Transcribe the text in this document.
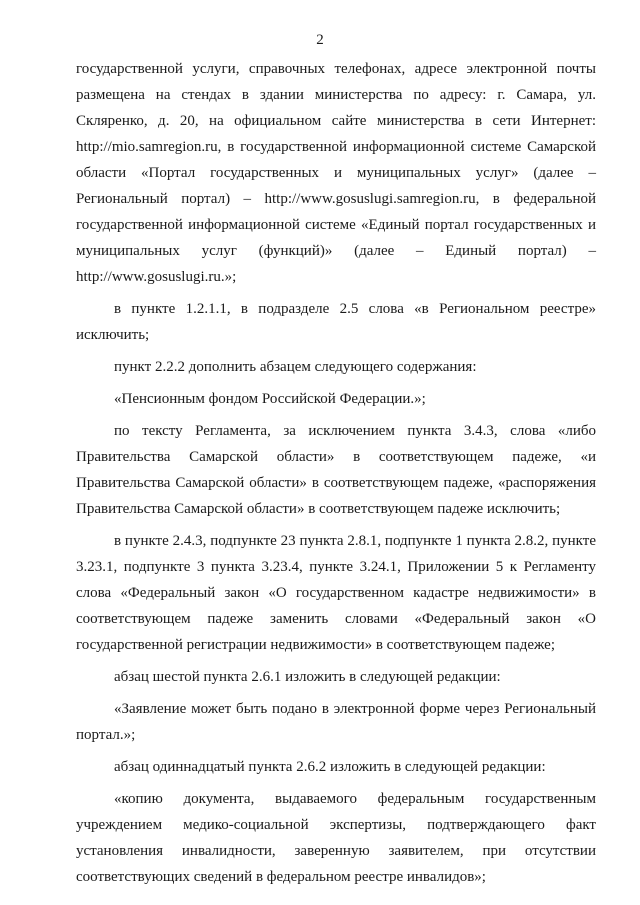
2

государственной услуги, справочных телефонах, адресе электронной почты размещена на стендах в здании министерства по адресу: г. Самара, ул. Скляренко, д. 20, на официальном сайте министерства в сети Интернет: http://mio.samregion.ru, в государственной информационной системе Самарской области «Портал государственных и муниципальных услуг» (далее – Региональный портал) – http://www.gosuslugi.samregion.ru, в федеральной государственной информационной системе «Единый портал государственных и муниципальных услуг (функций)» (далее – Единый портал) – http://www.gosuslugi.ru.»;

в пункте 1.2.1.1, в подразделе 2.5 слова «в Региональном реестре» исключить;

пункт 2.2.2 дополнить абзацем следующего содержания:

«Пенсионным фондом Российской Федерации.»;

по тексту Регламента, за исключением пункта 3.4.3, слова «либо Правительства Самарской области» в соответствующем падеже, «и Правительства Самарской области» в соответствующем падеже, «распоряжения Правительства Самарской области» в соответствующем падеже исключить;

в пункте 2.4.3, подпункте 23 пункта 2.8.1, подпункте 1 пункта 2.8.2, пункте 3.23.1, подпункте 3 пункта 3.23.4, пункте 3.24.1, Приложении 5 к Регламенту слова «Федеральный закон «О государственном кадастре недвижимости» в соответствующем падеже заменить словами «Федеральный закон «О государственной регистрации недвижимости» в соответствующем падеже;

абзац шестой пункта 2.6.1 изложить в следующей редакции:

«Заявление может быть подано в электронной форме через Региональный портал.»;

абзац одиннадцатый пункта 2.6.2 изложить в следующей редакции:

«копию документа, выдаваемого федеральным государственным учреждением медико-социальной экспертизы, подтверждающего факт установления инвалидности, заверенную заявителем, при отсутствии соответствующих сведений в федеральном реестре инвалидов»;
